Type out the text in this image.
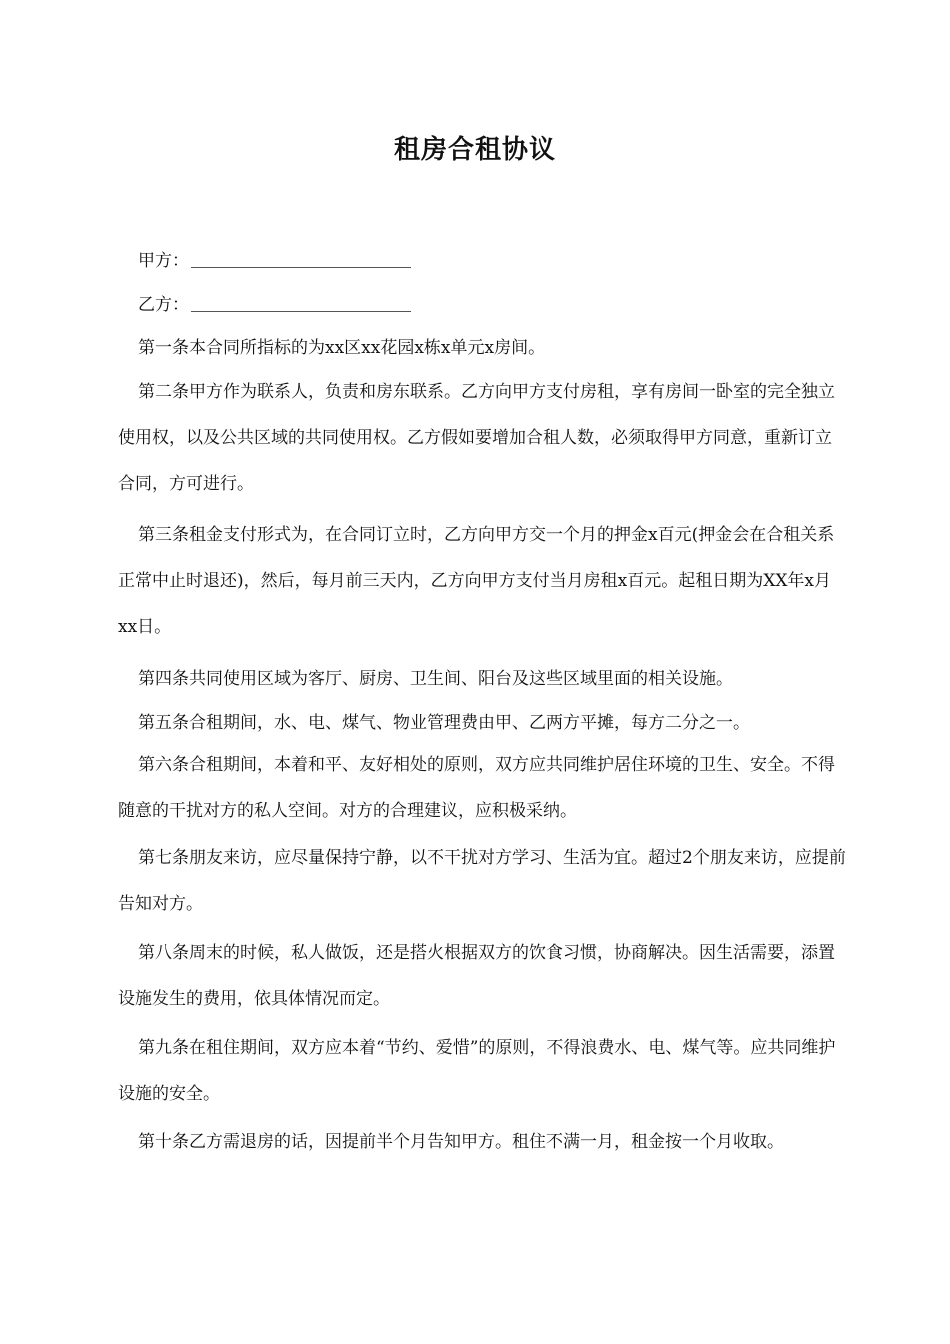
租房合租协议
甲方：
乙方：
第一条本合同所指标的为xx区xx花园x栋x单元x房间。
第二条甲方作为联系人，负责和房东联系。乙方向甲方支付房租，享有房间一卧室的完全独立使用权，以及公共区域的共同使用权。乙方假如要增加合租人数，必须取得甲方同意，重新订立合同，方可进行。
第三条租金支付形式为，在合同订立时，乙方向甲方交一个月的押金x百元(押金会在合租关系正常中止时退还)，然后，每月前三天内，乙方向甲方支付当月房租x百元。起租日期为XX年x月xx日。
第四条共同使用区域为客厅、厨房、卫生间、阳台及这些区域里面的相关设施。
第五条合租期间，水、电、煤气、物业管理费由甲、乙两方平摊，每方二分之一。
第六条合租期间，本着和平、友好相处的原则，双方应共同维护居住环境的卫生、安全。不得随意的干扰对方的私人空间。对方的合理建议，应积极采纳。
第七条朋友来访，应尽量保持宁静，以不干扰对方学习、生活为宜。超过2个朋友来访，应提前告知对方。
第八条周末的时候，私人做饭，还是搭火根据双方的饮食习惯，协商解决。因生活需要，添置设施发生的费用，依具体情况而定。
第九条在租住期间，双方应本着“节约、爱惜”的原则，不得浪费水、电、煤气等。应共同维护设施的安全。
第十条乙方需退房的话，因提前半个月告知甲方。租住不满一月，租金按一个月收取。
